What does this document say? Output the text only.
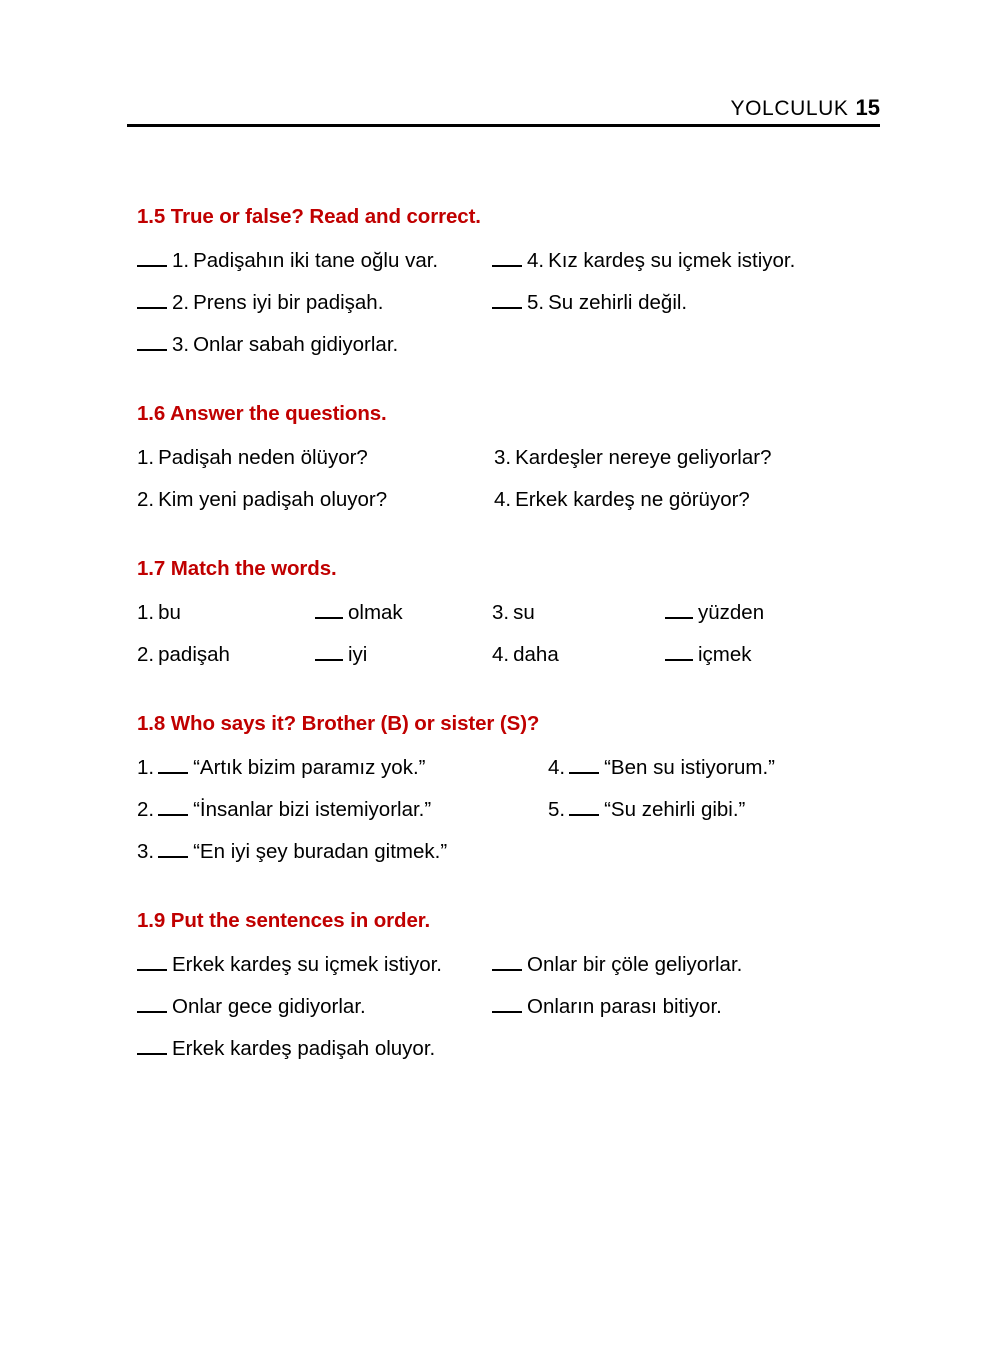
YOLCULUK 15

1.5 True or false? Read and correct.

1. Padişahın iki tane oğlu var.	4. Kız kardeş su içmek istiyor.
2. Prens iyi bir padişah.	5. Su zehirli değil.
3. Onlar sabah gidiyorlar.

1.6 Answer the questions.

1. Padişah neden ölüyor?	3. Kardeşler nereye geliyorlar?
2. Kim yeni padişah oluyor?	4. Erkek kardeş ne görüyor?

1.7 Match the words.

1. bu	olmak	3. su	yüzden
2. padişah	iyi	4. daha	içmek

1.8 Who says it? Brother (B) or sister (S)?

1. “Artık bizim paramız yok.”	4. “Ben su istiyorum.”
2. “İnsanlar bizi istemiyorlar.”	5. “Su zehirli gibi.”
3. “En iyi şey buradan gitmek.”

1.9 Put the sentences in order.

Erkek kardeş su içmek istiyor.	Onlar bir çöle geliyorlar.
Onlar gece gidiyorlar.	Onların parası bitiyor.
Erkek kardeş padişah oluyor.
